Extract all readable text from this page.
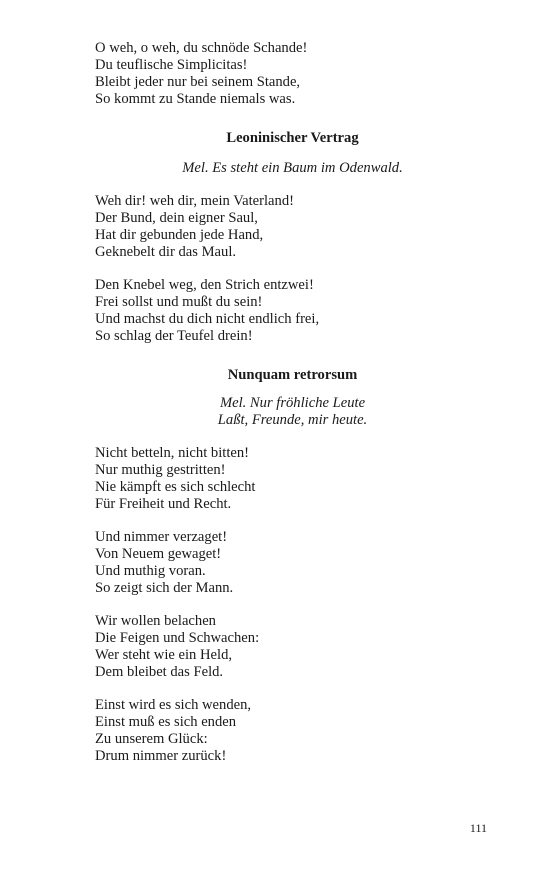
O weh, o weh, du schnöde Schande!
Du teuflische Simplicitas!
Bleibt jeder nur bei seinem Stande,
So kommt zu Stande niemals was.
Leoninischer Vertrag
Mel. Es steht ein Baum im Odenwald.
Weh dir! weh dir, mein Vaterland!
Der Bund, dein eigner Saul,
Hat dir gebunden jede Hand,
Geknebelt dir das Maul.
Den Knebel weg, den Strich entzwei!
Frei sollst und mußt du sein!
Und machst du dich nicht endlich frei,
So schlag der Teufel drein!
Nunquam retrorsum
Mel. Nur fröhliche Leute
Laßt, Freunde, mir heute.
Nicht betteln, nicht bitten!
Nur muthig gestritten!
Nie kämpft es sich schlecht
Für Freiheit und Recht.
Und nimmer verzaget!
Von Neuem gewaget!
Und muthig voran.
So zeigt sich der Mann.
Wir wollen belachen
Die Feigen und Schwachen:
Wer steht wie ein Held,
Dem bleibet das Feld.
Einst wird es sich wenden,
Einst muß es sich enden
Zu unserem Glück:
Drum nimmer zurück!
111
